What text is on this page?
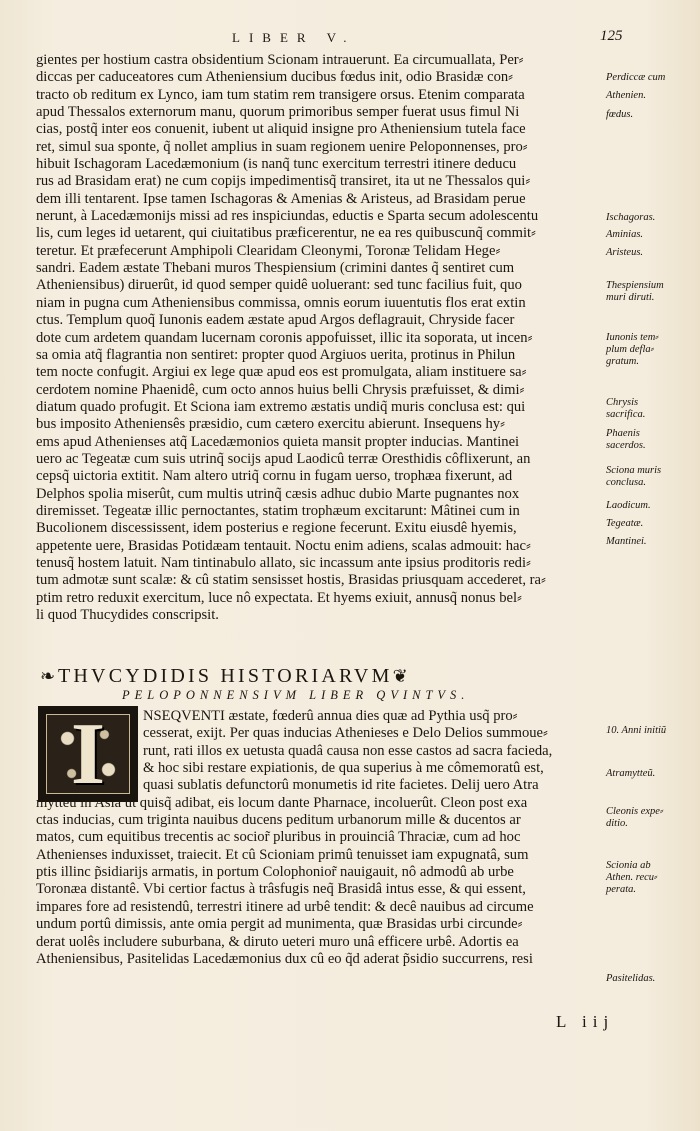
LIBER V.	125
gientes per hostium castra obsidentium Scionam intrauerunt. Ea circumuallata, Per⸗
diccas per caduceatores cum Atheniensium ducibus fœdus init, odio Brasidæ con⸗
tracto ob reditum ex Lynco, iam tum statim rem transigere orsus. Etenim comparata
apud Thessalos externorum manu, quorum primoribus semper fuerat usus fimul Ni
cias, postq̃ inter eos conuenit, iubent ut aliquid insigne pro Atheniensium tutela face
ret, simul sua sponte, q̃ nollet amplius in suam regionem uenire Peloponnenses, pro⸗
hibuit Ischagoram Lacedæmonium (is nanq̃ tunc exercitum terrestri itinere deducu
rus ad Brasidam erat) ne cum copijs impedimentisq̃ transiret, ita ut ne Thessalos qui⸗
dem illi tentarent. Ipse tamen Ischagoras & Amenias & Aristeus, ad Brasidam perue
nerunt, à Lacedæmonijs missi ad res inspiciundas, eductis e Sparta secum adolescentu
lis, cum leges id uetarent, qui ciuitatibus præficerentur, ne ea res quibuscunq̃ commit⸗
teretur. Et præfecerunt Amphipoli Clearidam Cleonymi, Toronæ Telidam Hege⸗
sandri. Eadem æstate Thebani muros Thespiensium (crimini dantes q̃ sentiret cum
Atheniensibus) diruerût, id quod semper quidê uoluerant: sed tunc facilius fuit, quo
niam in pugna cum Atheniensibus commissa, omnis eorum iuuentutis flos erat extin
ctus. Templum quoq̃ Iunonis eadem æstate apud Argos deflagrauit, Chryside facer
dote cum ardetem quandam lucernam coronis appofuisset, illic ita soporata, ut incen⸗
sa omia atq̃ flagrantia non sentiret: propter quod Argiuos uerita, protinus in Philun
tem nocte confugit. Argiui ex lege quæ apud eos est promulgata, aliam instituere sa⸗
cerdotem nomine Phaenidê, cum octo annos huius belli Chrysis præfuisset, & dimi⸗
diatum quado profugit. Et Sciona iam extremo æstatis undiq̃ muris conclusa est: qui
bus imposito Atheniensês præsidio, cum cætero exercitu abierunt. Insequens hy⸗
ems apud Athenienses atq̃ Lacedæmonios quieta mansit propter inducias. Mantinei
uero ac Tegeatæ cum suis utrinq̃ socijs apud Laodicû terræ Oresthidis côflixerunt, an
cepsq̃ uictoria extitit. Nam altero utriq̃ cornu in fugam uerso, trophæa fixerunt, ad
Delphos spolia miserût, cum multis utrinq̃ cæsis adhuc dubio Marte pugnantes nox
diremisset. Tegeatæ illic pernoctantes, statim trophæum excitarunt: Mâtinei cum in
Bucolionem discessissent, idem posterius e regione fecerunt. Exitu eiusdê hyemis,
appetente uere, Brasidas Potidæam tentauit. Noctu enim adiens, scalas admouit: hac⸗
tenusq̃ hostem latuit. Nam tintinabulo allato, sic incassum ante ipsius proditoris redi⸗
tum admotæ sunt scalæ: & cû statim sensisset hostis, Brasidas priusquam accederet, ra⸗
ptim retro reduxit exercitum, luce nô expectata. Et hyems exiuit, annusq̃ nonus bel⸗
li quod Thucydides conscripsit.
Perdiccæ cum
Athenien.
fœdus.
Ischagoras.
Aminias.
Aristeus.
Thespiensium
muri diruti.
Iunonis tem⸗
plum defla⸗
gratum.
Chrysis
sacrifica.
Phaenis
sacerdos.
Sciona muris
conclusa.
Laodicum.
Tegeatæ.
Mantinei.
❧THVCYDIDIS HISTORIARVM❦
PELOPONNENSIVM LIBER QVINTVS.
I	NSEQVENTI æstate, fœderû annua dies quæ ad Pythia usq̃ pro⸗
cesserat, exijt. Per quas inducias Athenieses e Delo Delios summoue⸗
runt, rati illos ex uetusta quadâ causa non esse castos ad sacra facieda,
& hoc sibi restare expiationis, de qua superius à me cômemoratû est,
quasi sublatis defunctorû monumetis id rite facietes. Delij uero Atra
mytteû in Asia ut quisq̃ adibat, eis locum dante Pharnace, incoluerût. Cleon post exa
ctas inducias, cum triginta nauibus ducens peditum urbanorum mille & ducentos ar
matos, cum equitibus trecentis ac socior̃ pluribus in prouinciâ Thraciæ, cum ad hoc
Athenienses induxisset, traiecit. Et cû Scioniam primû tenuisset iam expugnatâ, sum
ptis illinc p̃sidiarijs armatis, in portum Colophonior̃ nauigauit, nô admodû ab urbe
Toronæa distantê. Vbi certior factus à trâsfugis neq̃ Brasidâ intus esse, & qui essent,
impares fore ad resistendû, terrestri itinere ad urbê tendit: & decê nauibus ad circume
undum portû dimissis, ante omia pergit ad munimenta, quæ Brasidas urbi circunde⸗
derat uolês includere suburbana, & diruto ueteri muro unâ efficere urbê. Adortis ea
Atheniensibus, Pasitelidas Lacedæmonius dux cû eo q̃d aderat p̃sidio succurrens, resi
10. Anni initiũ
Atramytteũ.
Cleonis expe⸗
ditio.
Scionia ab
Athen. recu⸗
perata.
Pasitelidas.
L iij
